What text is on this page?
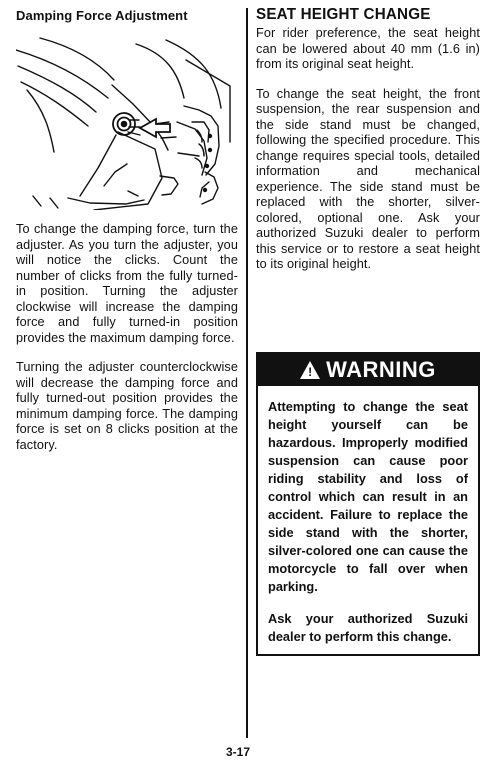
Damping Force Adjustment
To change the damping force, turn the adjuster. As you turn the adjuster, you will notice the clicks. Count the number of clicks from the fully turned-in position. Turning the adjuster clockwise will increase the damping force and fully turned-in position provides the maximum damping force.
Turning the adjuster counterclockwise will decrease the damping force and fully turned-out position provides the minimum damping force. The damping force is set on 8 clicks position at the factory.
SEAT HEIGHT CHANGE
For rider preference, the seat height can be lowered about 40 mm (1.6 in) from its original seat height.
To change the seat height, the front suspension, the rear suspension and the side stand must be changed, following the specified procedure. This change requires special tools, detailed information and mechanical experience. The side stand must be replaced with the shorter, silver-colored, optional one. Ask your authorized Suzuki dealer to perform this service or to restore a seat height to its original height.
!
WARNING
Attempting to change the seat height yourself can be hazardous. Improperly modified suspension can cause poor riding stability and loss of control which can result in an accident. Failure to replace the side stand with the shorter, silver-colored one can cause the motorcycle to fall over when parking.
Ask your authorized Suzuki dealer to perform this change.
3-17
